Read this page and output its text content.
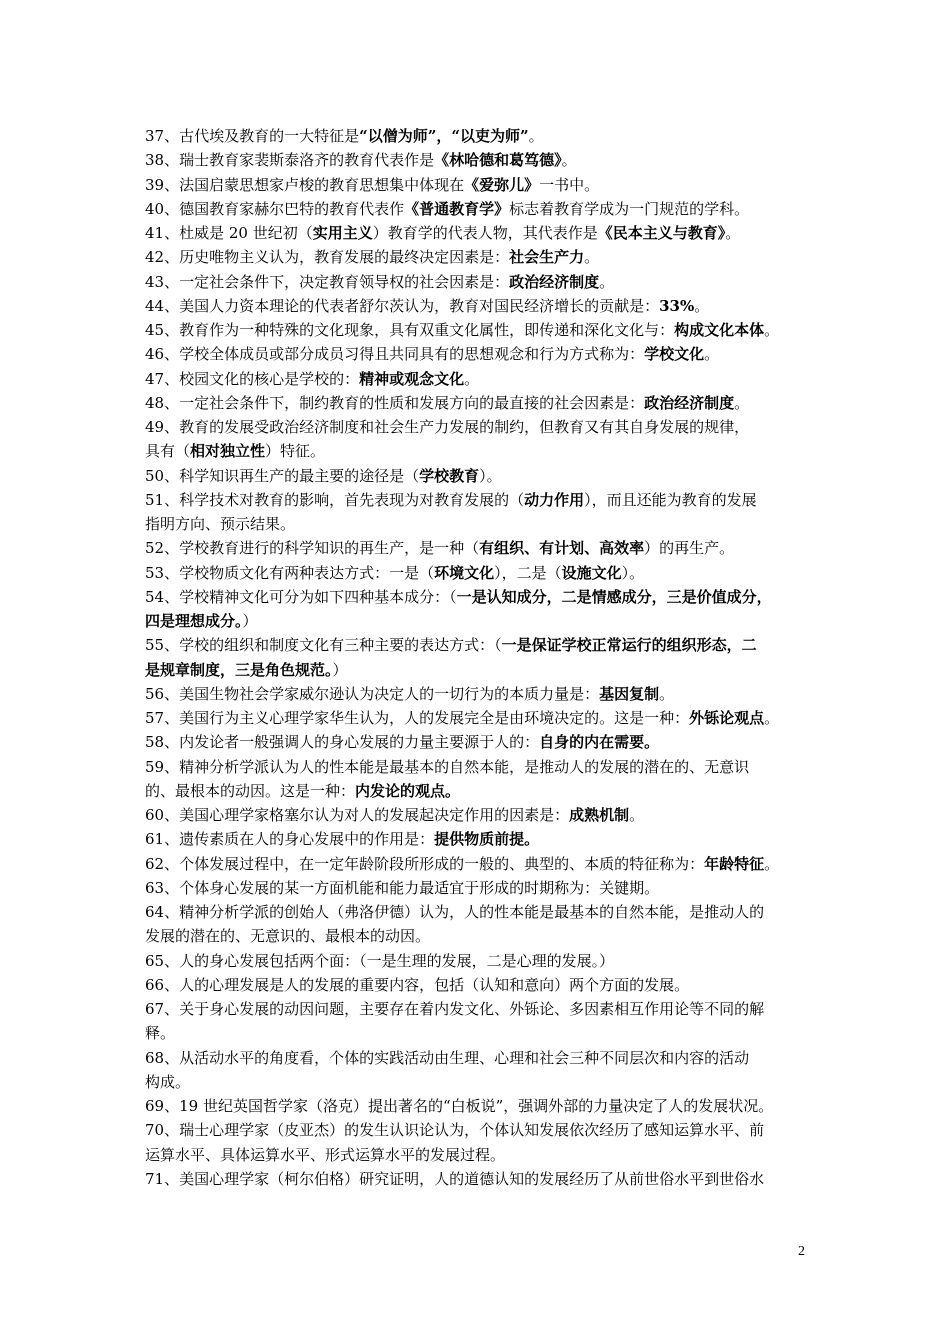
37、古代埃及教育的一大特征是“以僧为师”，“以吏为师”。
38、瑞士教育家裴斯泰洛齐的教育代表作是《林哈德和葛笃德》。
39、法国启蒙思想家卢梭的教育思想集中体现在《爱弥儿》一书中。
40、德国教育家赫尔巴特的教育代表作《普通教育学》标志着教育学成为一门规范的学科。
41、杜威是 20 世纪初（实用主义）教育学的代表人物，其代表作是《民本主义与教育》。
42、历史唯物主义认为，教育发展的最终决定因素是：社会生产力。
43、一定社会条件下，决定教育领导权的社会因素是：政治经济制度。
44、美国人力资本理论的代表者舒尔茨认为，教育对国民经济增长的贡献是：33%。
45、教育作为一种特殊的文化现象，具有双重文化属性，即传递和深化文化与：构成文化本体。
46、学校全体成员或部分成员习得且共同具有的思想观念和行为方式称为：学校文化。
47、校园文化的核心是学校的：精神或观念文化。
48、一定社会条件下，制约教育的性质和发展方向的最直接的社会因素是：政治经济制度。
49、教育的发展受政治经济制度和社会生产力发展的制约，但教育又有其自身发展的规律，
具有（相对独立性）特征。
50、科学知识再生产的最主要的途径是（学校教育）。
51、科学技术对教育的影响，首先表现为对教育发展的（动力作用），而且还能为教育的发展
指明方向、预示结果。
52、学校教育进行的科学知识的再生产，是一种（有组织、有计划、高效率）的再生产。
53、学校物质文化有两种表达方式：一是（环境文化），二是（设施文化）。
54、学校精神文化可分为如下四种基本成分：（一是认知成分，二是情感成分，三是价值成分，
四是理想成分。）
55、学校的组织和制度文化有三种主要的表达方式：（一是保证学校正常运行的组织形态，二
是规章制度，三是角色规范。）
56、美国生物社会学家威尔逊认为决定人的一切行为的本质力量是：基因复制。
57、美国行为主义心理学家华生认为，人的发展完全是由环境决定的。这是一种：外铄论观点。
58、内发论者一般强调人的身心发展的力量主要源于人的：自身的内在需要。
59、精神分析学派认为人的性本能是最基本的自然本能，是推动人的发展的潜在的、无意识
的、最根本的动因。这是一种：内发论的观点。
60、美国心理学家格塞尔认为对人的发展起决定作用的因素是：成熟机制。
61、遗传素质在人的身心发展中的作用是：提供物质前提。
62、个体发展过程中，在一定年龄阶段所形成的一般的、典型的、本质的特征称为：年龄特征。
63、个体身心发展的某一方面机能和能力最适宜于形成的时期称为：关键期。
64、精神分析学派的创始人（弗洛伊德）认为，人的性本能是最基本的自然本能，是推动人的
发展的潜在的、无意识的、最根本的动因。
65、人的身心发展包括两个面：（一是生理的发展，二是心理的发展。）
66、人的心理发展是人的发展的重要内容，包括（认知和意向）两个方面的发展。
67、关于身心发展的动因问题，主要存在着内发文化、外铄论、多因素相互作用论等不同的解
释。
68、从活动水平的角度看，个体的实践活动由生理、心理和社会三种不同层次和内容的活动
构成。
69、19 世纪英国哲学家（洛克）提出著名的“白板说”，强调外部的力量决定了人的发展状况。
70、瑞士心理学家（皮亚杰）的发生认识论认为，个体认知发展依次经历了感知运算水平、前
运算水平、具体运算水平、形式运算水平的发展过程。
71、美国心理学家（柯尔伯格）研究证明，人的道德认知的发展经历了从前世俗水平到世俗水
2
